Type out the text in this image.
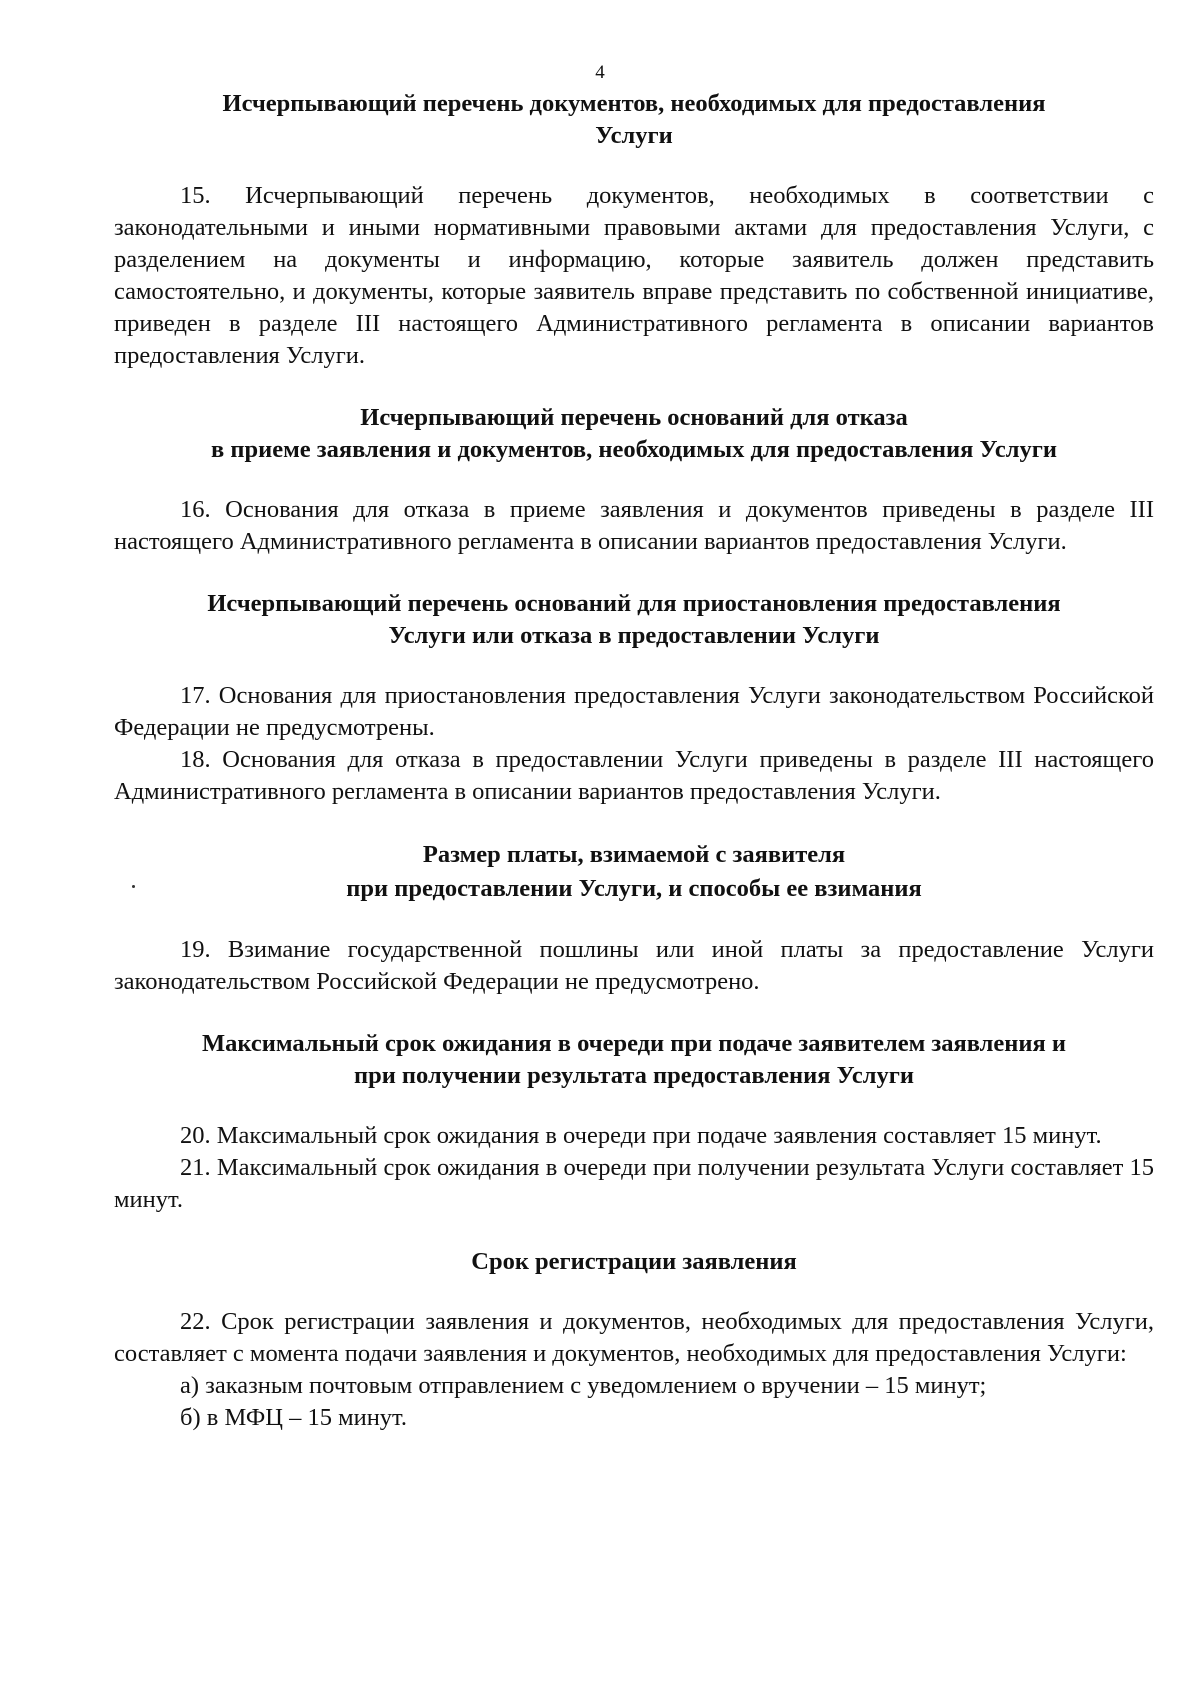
4
Исчерпывающий перечень документов, необходимых для предоставления
Услуги

15. Исчерпывающий перечень документов, необходимых в соответствии с законодательными и иными нормативными правовыми актами для предоставления Услуги, с разделением на документы и информацию, которые заявитель должен представить самостоятельно, и документы, которые заявитель вправе представить по собственной инициативе, приведен в разделе III настоящего Административного регламента в описании вариантов предоставления Услуги.

Исчерпывающий перечень оснований для отказа
в приеме заявления и документов, необходимых для предоставления Услуги

16. Основания для отказа в приеме заявления и документов приведены в разделе III настоящего Административного регламента в описании вариантов предоставления Услуги.

Исчерпывающий перечень оснований для приостановления предоставления
Услуги или отказа в предоставлении Услуги

17. Основания для приостановления предоставления Услуги законодательством Российской Федерации не предусмотрены.

18. Основания для отказа в предоставлении Услуги приведены в разделе III настоящего Административного регламента в описании вариантов предоставления Услуги.

Размер платы, взимаемой с заявителя
при предоставлении Услуги, и способы ее взимания

19. Взимание государственной пошлины или иной платы за предоставление Услуги законодательством Российской Федерации не предусмотрено.

Максимальный срок ожидания в очереди при подаче заявителем заявления и
при получении результата предоставления Услуги

20. Максимальный срок ожидания в очереди при подаче заявления составляет 15 минут.

21. Максимальный срок ожидания в очереди при получении результата Услуги составляет 15 минут.

Срок регистрации заявления

22. Срок регистрации заявления и документов, необходимых для предоставления Услуги, составляет с момента подачи заявления и документов, необходимых для предоставления Услуги:

а) заказным почтовым отправлением с уведомлением о вручении – 15 минут;

б) в МФЦ – 15 минут.
